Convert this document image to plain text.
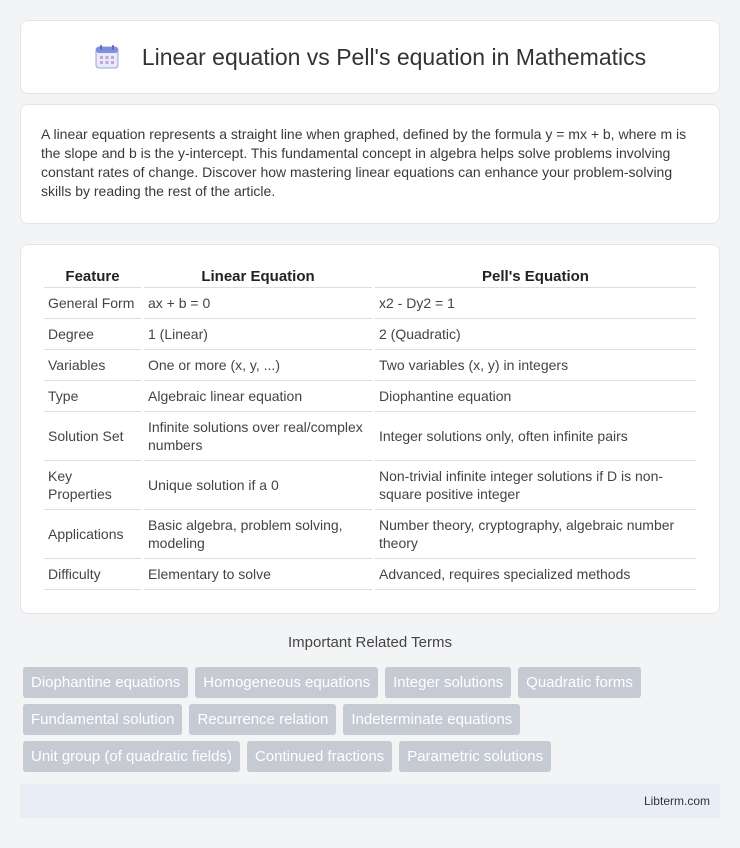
Linear equation vs Pell's equation in Mathematics

A linear equation represents a straight line when graphed, defined by the formula y = mx + b, where m is the slope and b is the y-intercept. This fundamental concept in algebra helps solve problems involving constant rates of change. Discover how mastering linear equations can enhance your problem-solving skills by reading the rest of the article.

Feature	Linear Equation	Pell's Equation
General Form	ax + b = 0	x2 - Dy2 = 1
Degree	1 (Linear)	2 (Quadratic)
Variables	One or more (x, y, ...)	Two variables (x, y) in integers
Type	Algebraic linear equation	Diophantine equation
Solution Set	Infinite solutions over real/complex numbers	Integer solutions only, often infinite pairs
Key Properties	Unique solution if a 0	Non-trivial infinite integer solutions if D is non-square positive integer
Applications	Basic algebra, problem solving, modeling	Number theory, cryptography, algebraic number theory
Difficulty	Elementary to solve	Advanced, requires specialized methods
Important Related Terms
Diophantine equations	Homogeneous equations	Integer solutions	Quadratic forms
Fundamental solution	Recurrence relation	Indeterminate equations
Unit group (of quadratic fields)	Continued fractions	Parametric solutions
Libterm.com
